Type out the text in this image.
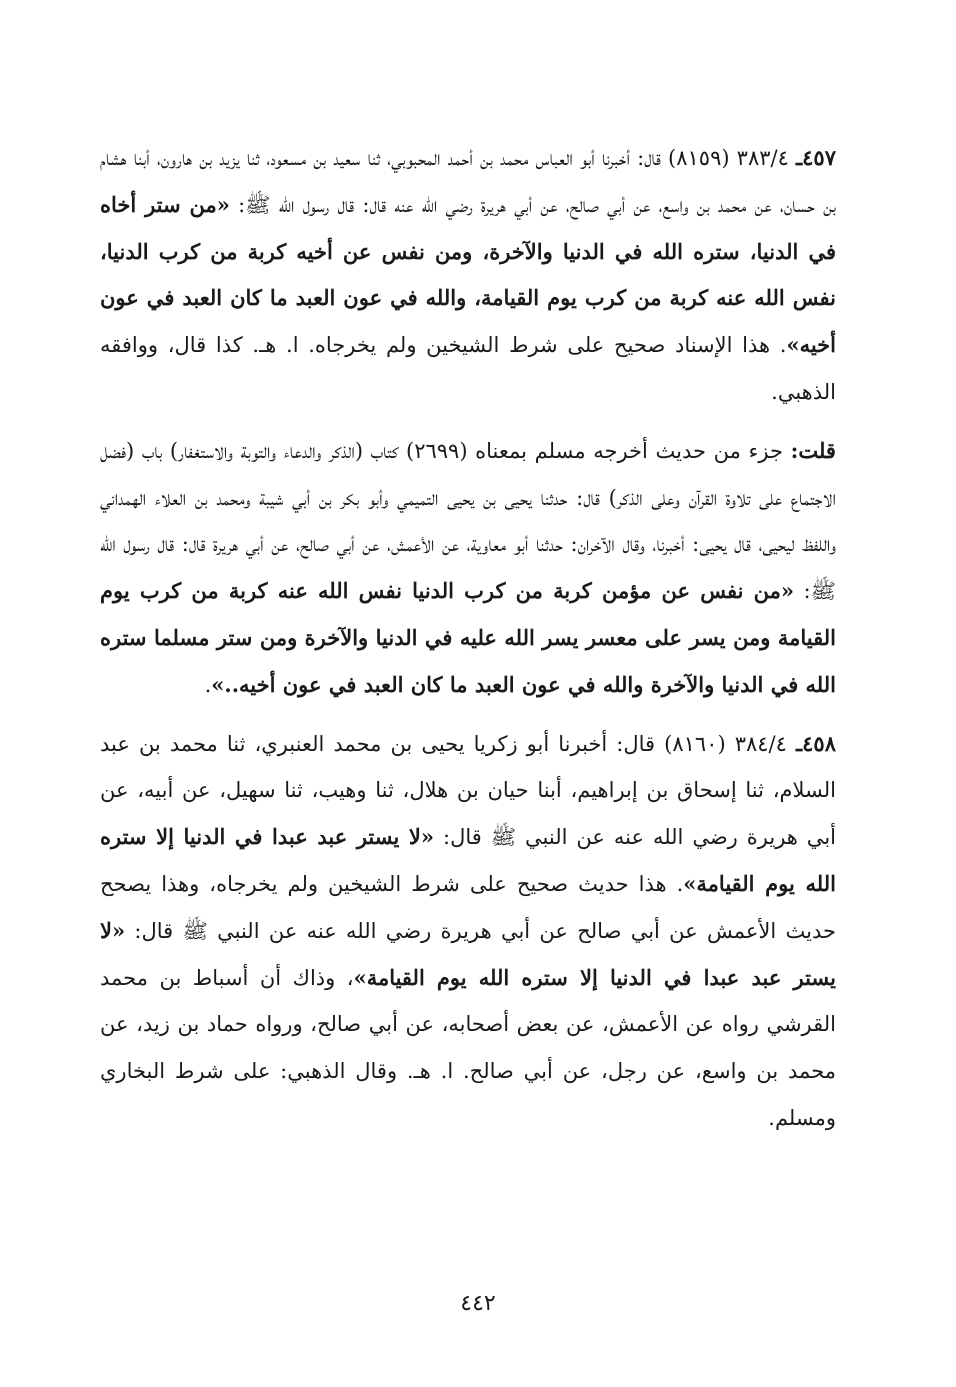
٤٥٧ـ ٣٨٣/٤ (٨١٥٩) قال: أخبرنا أبو العباس محمد بن أحمد المحبوبي، ثنا سعيد بن مسعود، ثنا يزيد بن هارون، أبنا هشام بن حسان، عن محمد بن واسع، عن أبي صالح، عن أبي هريرة رضي الله عنه قال: قال رسول الله ﷺ: «من ستر أخاه في الدنيا، ستره الله في الدنيا والآخرة، ومن نفس عن أخيه كربة من كرب الدنيا، نفس الله عنه كربة من كرب يوم القيامة، والله في عون العبد ما كان العبد في عون أخيه». هذا الإسناد صحيح على شرط الشيخين ولم يخرجاه. ا. هـ. كذا قال، ووافقه الذهبي.

قلت: جزء من حديث أخرجه مسلم بمعناه (٢٦٩٩) كتاب (الذكر والدعاء والتوبة والاستغفار) باب (فضل الاجتماع على تلاوة القرآن وعلى الذكر) قال: حدثنا يحيى بن يحيى التميمي وأبو بكر بن أبي شيبة ومحمد بن العلاء الهمداني واللفظ ليحيى، قال يحيى: أخبرنا، وقال الآخران: حدثنا أبو معاوية، عن الأعمش، عن أبي صالح، عن أبي هريرة قال: قال رسول الله ﷺ: «من نفس عن مؤمن كربة من كرب الدنيا نفس الله عنه كربة من كرب يوم القيامة ومن يسر على معسر يسر الله عليه في الدنيا والآخرة ومن ستر مسلما ستره الله في الدنيا والآخرة والله في عون العبد ما كان العبد في عون أخيه..».

٤٥٨ـ ٣٨٤/٤ (٨١٦٠) قال: أخبرنا أبو زكريا يحيى بن محمد العنبري، ثنا محمد بن عبد السلام، ثنا إسحاق بن إبراهيم، أبنا حيان بن هلال، ثنا وهيب، ثنا سهيل، عن أبيه، عن أبي هريرة رضي الله عنه عن النبي ﷺ قال: «لا يستر عبد عبدا في الدنيا إلا ستره الله يوم القيامة». هذا حديث صحيح على شرط الشيخين ولم يخرجاه، وهذا يصحح حديث الأعمش عن أبي صالح عن أبي هريرة رضي الله عنه عن النبي ﷺ قال: «لا يستر عبد عبدا في الدنيا إلا ستره الله يوم القيامة»، وذاك أن أسباط بن محمد القرشي رواه عن الأعمش، عن بعض أصحابه، عن أبي صالح، ورواه حماد بن زيد، عن محمد بن واسع، عن رجل، عن أبي صالح. ا. هـ. وقال الذهبي: على شرط البخاري ومسلم.

٤٤٢
